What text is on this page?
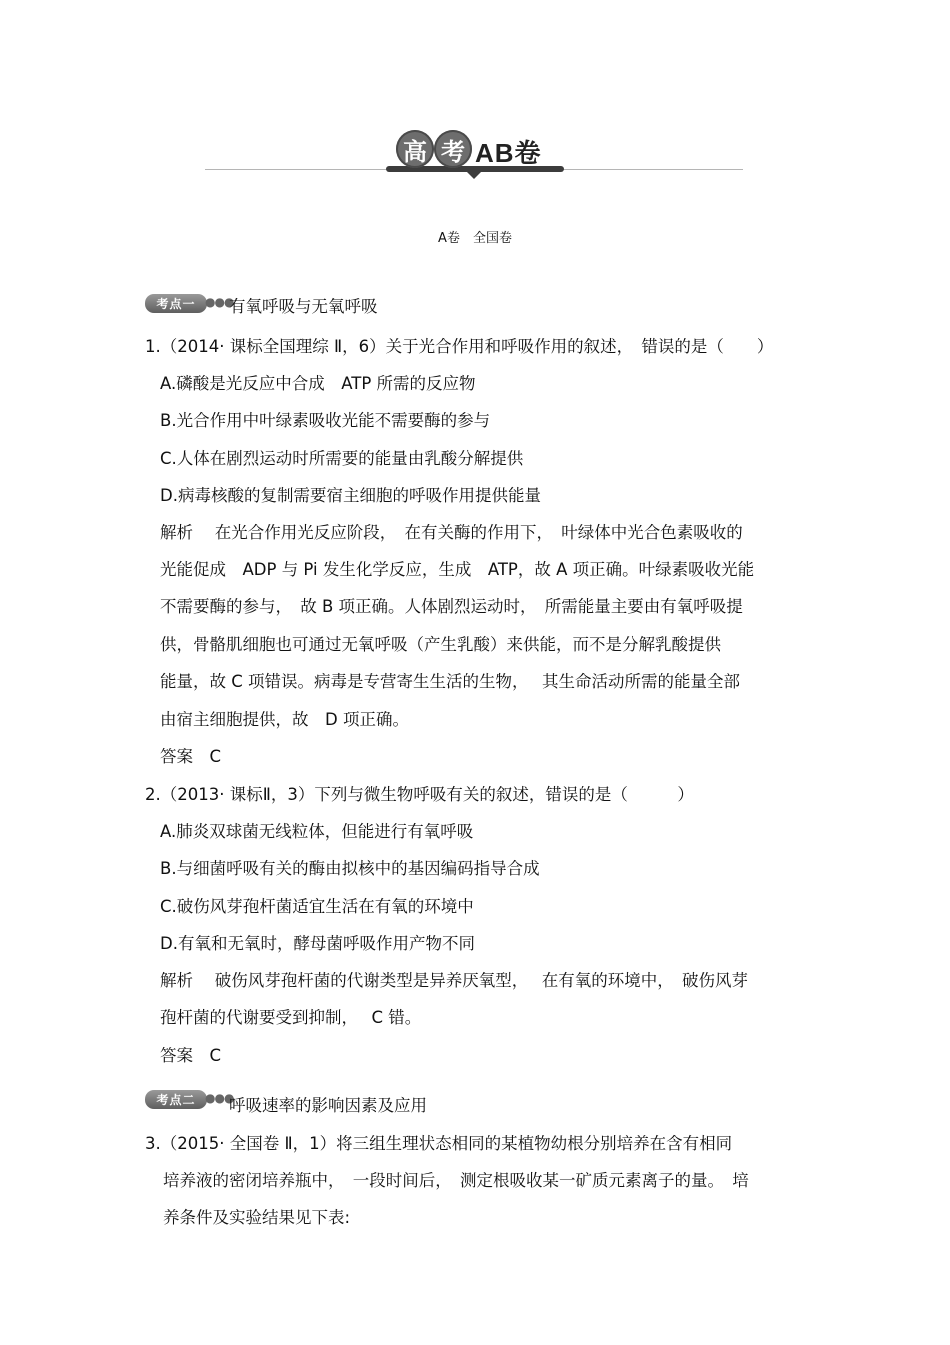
高 考 AB卷
A卷　全国卷
考点一 ●●●
有氧呼吸与无氧呼吸
1.（2014· 课标全国理综 Ⅱ，6）关于光合作用和呼吸作用的叙述，　错误的是（　　）
A.磷酸是光反应中合成　ATP 所需的反应物
B.光合作用中叶绿素吸收光能不需要酶的参与
C.人体在剧烈运动时所需要的能量由乳酸分解提供
D.病毒核酸的复制需要宿主细胞的呼吸作用提供能量
解析　 在光合作用光反应阶段，　在有关酶的作用下，　叶绿体中光合色素吸收的
光能促成　ADP 与 Pi 发生化学反应，生成　ATP，故 A 项正确。叶绿素吸收光能
不需要酶的参与，　故 B 项正确。人体剧烈运动时，　所需能量主要由有氧呼吸提
供，骨骼肌细胞也可通过无氧呼吸（产生乳酸）来供能，而不是分解乳酸提供
能量，故 C 项错误。病毒是专营寄生生活的生物，　 其生命活动所需的能量全部
由宿主细胞提供，故　D 项正确。
答案　C
2.（2013· 课标Ⅱ，3）下列与微生物呼吸有关的叙述，错误的是（　　　）
A.肺炎双球菌无线粒体，但能进行有氧呼吸
B.与细菌呼吸有关的酶由拟核中的基因编码指导合成
C.破伤风芽孢杆菌适宜生活在有氧的环境中
D.有氧和无氧时，酵母菌呼吸作用产物不同
解析　 破伤风芽孢杆菌的代谢类型是异养厌氧型，　 在有氧的环境中，　破伤风芽
孢杆菌的代谢要受到抑制，　 C 错。
答案　C
考点二 ●●●
呼吸速率的影响因素及应用
3.（2015· 全国卷 Ⅱ，1）将三组生理状态相同的某植物幼根分别培养在含有相同
培养液的密闭培养瓶中，　一段时间后，　测定根吸收某一矿质元素离子的量。　培
养条件及实验结果见下表:
